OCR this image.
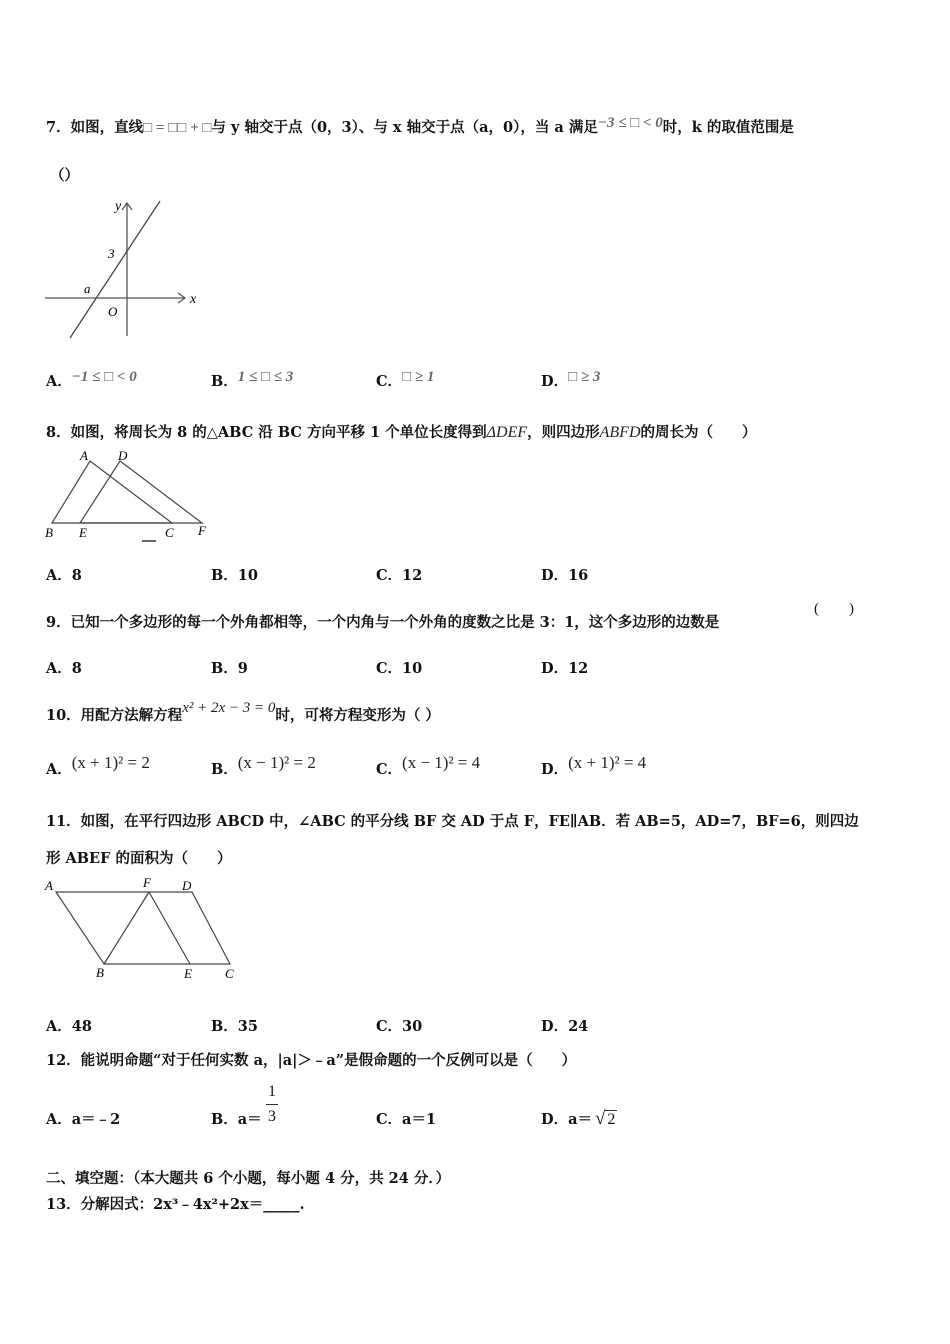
7．如图，直线□ = □□ + □与 y 轴交于点（0，3）、与 x 轴交于点（a，0），当 a 满足−3 ≤ □ < 0时，k 的取值范围是
（）
y
x
3
a
O
A．−1 ≤ □ < 0	B．1 ≤ □ ≤ 3	C．□ ≥ 1	D．□ ≥ 3
8．如图，将周长为 8 的△ABC 沿 BC 方向平移 1 个单位长度得到ΔDEF，则四边形ABFD的周长为（　　）
A D
B E	C F
A．8	B．10	C．12	D．16
9．已知一个多边形的每一个外角都相等，一个内角与一个外角的度数之比是 3：1，这个多边形的边数是
(　　)
A．8	B．9	C．10	D．12
10．用配方法解方程x² + 2x − 3 = 0时，可将方程变形为（ ）
A．(x + 1)² = 2	B．(x − 1)² = 2	C．(x − 1)² = 4	D．(x + 1)² = 4
11．如图，在平行四边形 ABCD 中，∠ABC 的平分线 BF 交 AD 于点 F，FE∥AB．若 AB=5，AD=7，BF=6，则四边
形 ABEF 的面积为（　　）
A	F D
B	E	C
A．48	B．35	C．30	D．24
12．能说明命题“对于任何实数 a，|a|＞﹣a”是假命题的一个反例可以是（　　）
A．a＝﹣2	B．a＝
1
3	C．a＝1	D．a＝ √ 2
二、填空题：（本大题共 6 个小题，每小题 4 分，共 24 分．）
13．分解因式：2x³﹣4x²+2x＝_____.
